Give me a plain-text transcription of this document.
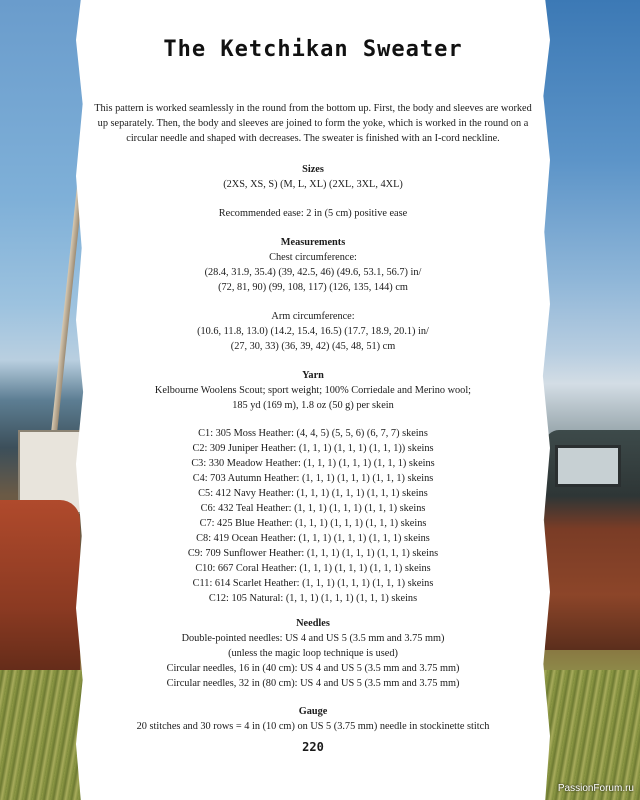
The Ketchikan Sweater
This pattern is worked seamlessly in the round from the bottom up. First, the body and sleeves are worked up separately. Then, the body and sleeves are joined to form the yoke, which is worked in the round on a circular needle and shaped with decreases. The sweater is finished with an I-cord neckline.
Sizes
(2XS, XS, S) (M, L, XL) (2XL, 3XL, 4XL)
Recommended ease: 2 in (5 cm) positive ease
Measurements
Chest circumference:
(28.4, 31.9, 35.4) (39, 42.5, 46) (49.6, 53.1, 56.7) in/
(72, 81, 90) (99, 108, 117) (126, 135, 144) cm
Arm circumference:
(10.6, 11.8, 13.0) (14.2, 15.4, 16.5) (17.7, 18.9, 20.1) in/
(27, 30, 33) (36, 39, 42) (45, 48, 51) cm
Yarn
Kelbourne Woolens Scout; sport weight; 100% Corriedale and Merino wool;
185 yd (169 m), 1.8 oz (50 g) per skein
C1: 305 Moss Heather: (4, 4, 5) (5, 5, 6) (6, 7, 7) skeins
C2: 309 Juniper Heather: (1, 1, 1) (1, 1, 1) (1, 1, 1)) skeins
C3: 330 Meadow Heather: (1, 1, 1) (1, 1, 1) (1, 1, 1) skeins
C4: 703 Autumn Heather: (1, 1, 1) (1, 1, 1) (1, 1, 1) skeins
C5: 412 Navy Heather: (1, 1, 1) (1, 1, 1) (1, 1, 1) skeins
C6: 432 Teal Heather: (1, 1, 1) (1, 1, 1) (1, 1, 1) skeins
C7: 425 Blue Heather: (1, 1, 1) (1, 1, 1) (1, 1, 1) skeins
C8: 419 Ocean Heather: (1, 1, 1) (1, 1, 1) (1, 1, 1) skeins
C9: 709 Sunflower Heather: (1, 1, 1) (1, 1, 1) (1, 1, 1) skeins
C10: 667 Coral Heather: (1, 1, 1) (1, 1, 1) (1, 1, 1) skeins
C11: 614 Scarlet Heather: (1, 1, 1) (1, 1, 1) (1, 1, 1) skeins
C12: 105 Natural: (1, 1, 1) (1, 1, 1) (1, 1, 1) skeins
Needles
Double-pointed needles: US 4 and US 5 (3.5 mm and 3.75 mm)
(unless the magic loop technique is used)
Circular needles, 16 in (40 cm): US 4 and US 5 (3.5 mm and 3.75 mm)
Circular needles, 32 in (80 cm): US 4 and US 5 (3.5 mm and 3.75 mm)
Gauge
20 stitches and 30 rows = 4 in (10 cm) on US 5 (3.75 mm) needle in stockinette stitch
220
PassionForum.ru
